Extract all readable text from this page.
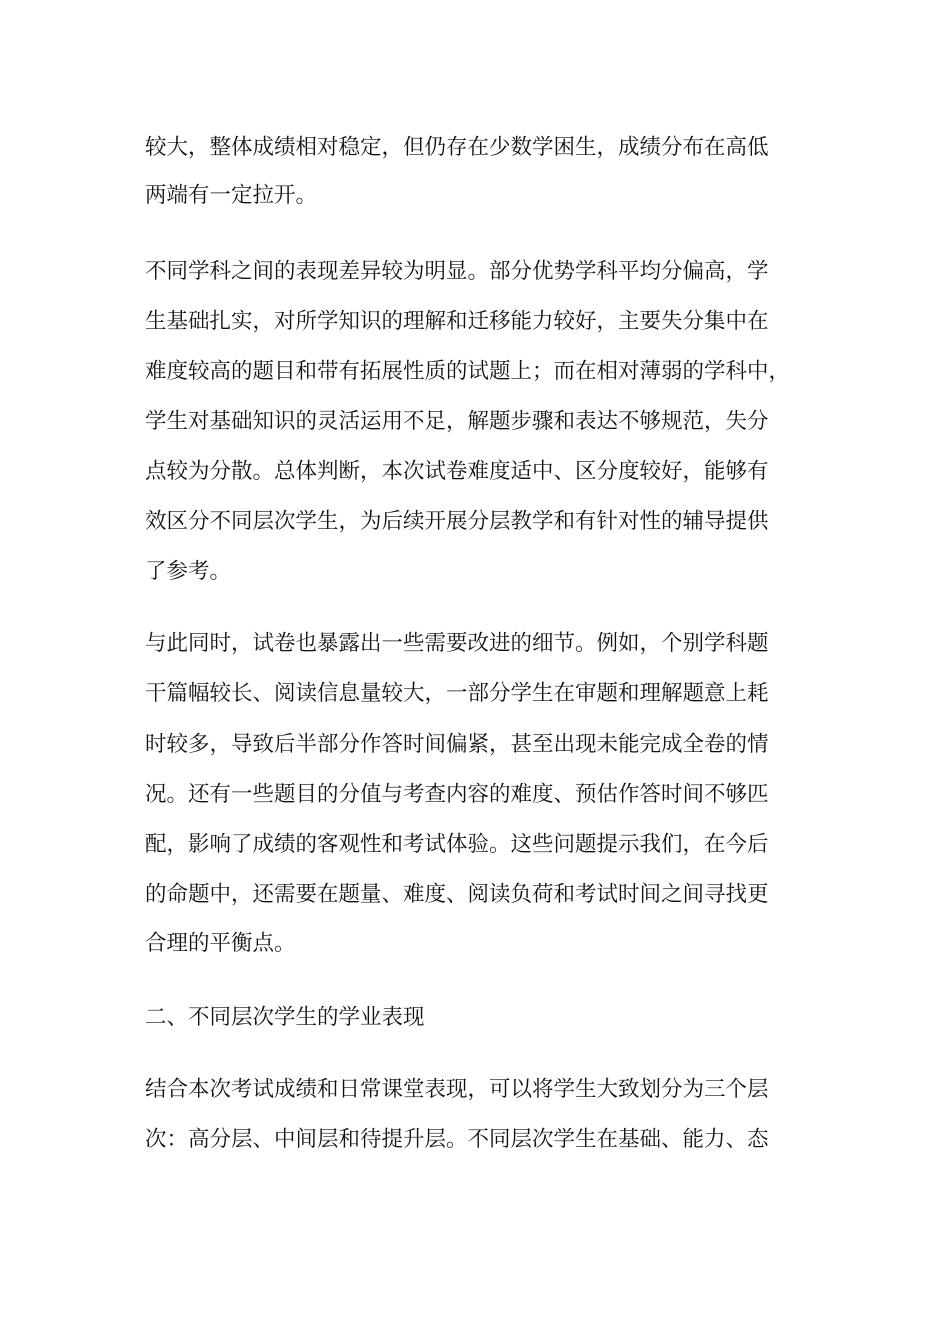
较大，整体成绩相对稳定，但仍存在少数学困生，成绩分布在高低

两端有一定拉开。

不同学科之间的表现差异较为明显。部分优势学科平均分偏高，学

生基础扎实，对所学知识的理解和迁移能力较好，主要失分集中在

难度较高的题目和带有拓展性质的试题上；而在相对薄弱的学科中，

学生对基础知识的灵活运用不足，解题步骤和表达不够规范，失分

点较为分散。总体判断，本次试卷难度适中、区分度较好，能够有

效区分不同层次学生，为后续开展分层教学和有针对性的辅导提供

了参考。

与此同时，试卷也暴露出一些需要改进的细节。例如，个别学科题

干篇幅较长、阅读信息量较大，一部分学生在审题和理解题意上耗

时较多，导致后半部分作答时间偏紧，甚至出现未能完成全卷的情

况。还有一些题目的分值与考查内容的难度、预估作答时间不够匹

配，影响了成绩的客观性和考试体验。这些问题提示我们，在今后

的命题中，还需要在题量、难度、阅读负荷和考试时间之间寻找更

合理的平衡点。

二、不同层次学生的学业表现

结合本次考试成绩和日常课堂表现，可以将学生大致划分为三个层

次：高分层、中间层和待提升层。不同层次学生在基础、能力、态
